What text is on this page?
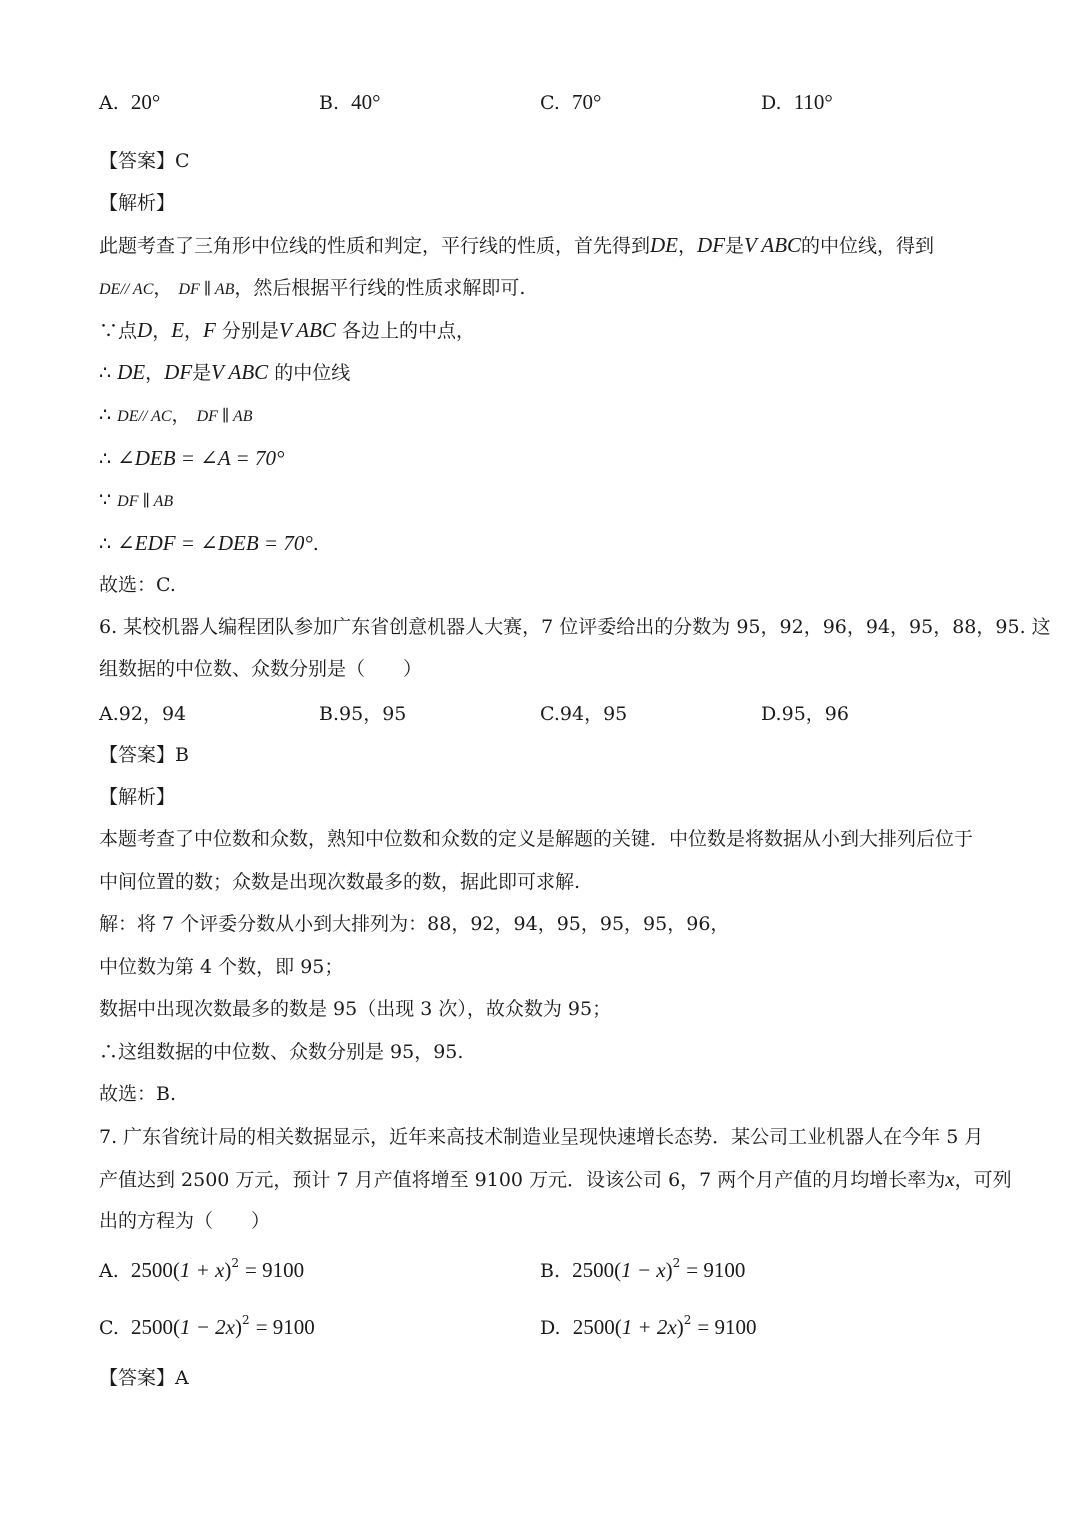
A. 20°	B. 40°	C. 70°	D. 110°
【答案】C
【解析】
此题考查了三角形中位线的性质和判定，平行线的性质，首先得到DE，DF是V ABC的中位线，得到
DE// AC， DF ∥ AB，然后根据平行线的性质求解即可.
∵点D，E，F 分别是V ABC 各边上的中点，
∴ DE，DF是V ABC 的中位线
∴ DE// AC， DF ∥ AB
∴ ∠DEB = ∠A = 70°
∵ DF ∥ AB
∴ ∠EDF = ∠DEB = 70°.
故选：C.
6. 某校机器人编程团队参加广东省创意机器人大赛，7 位评委给出的分数为 95，92，96，94，95，88，95. 这
组数据的中位数、众数分别是（　　）
A.92，94	B.95，95	C.94，95	D.95，96
【答案】B
【解析】
本题考查了中位数和众数，熟知中位数和众数的定义是解题的关键．中位数是将数据从小到大排列后位于
中间位置的数；众数是出现次数最多的数，据此即可求解.
解：将 7 个评委分数从小到大排列为：88，92，94，95，95，95，96，
中位数为第 4 个数，即 95；
数据中出现次数最多的数是 95（出现 3 次），故众数为 95；
∴这组数据的中位数、众数分别是 95，95.
故选：B.
7. 广东省统计局的相关数据显示，近年来高技术制造业呈现快速增长态势．某公司工业机器人在今年 5 月
产值达到 2500 万元，预计 7 月产值将增至 9100 万元．设该公司 6，7 两个月产值的月均增长率为x，可列
出的方程为（　　）
A. $2500(1 + x)^2 = 9100$	B. $2500(1 - x)^2 = 9100$
C. $2500(1 - 2x)^2 = 9100$	D. $2500(1 + 2x)^2 = 9100$
【答案】A
